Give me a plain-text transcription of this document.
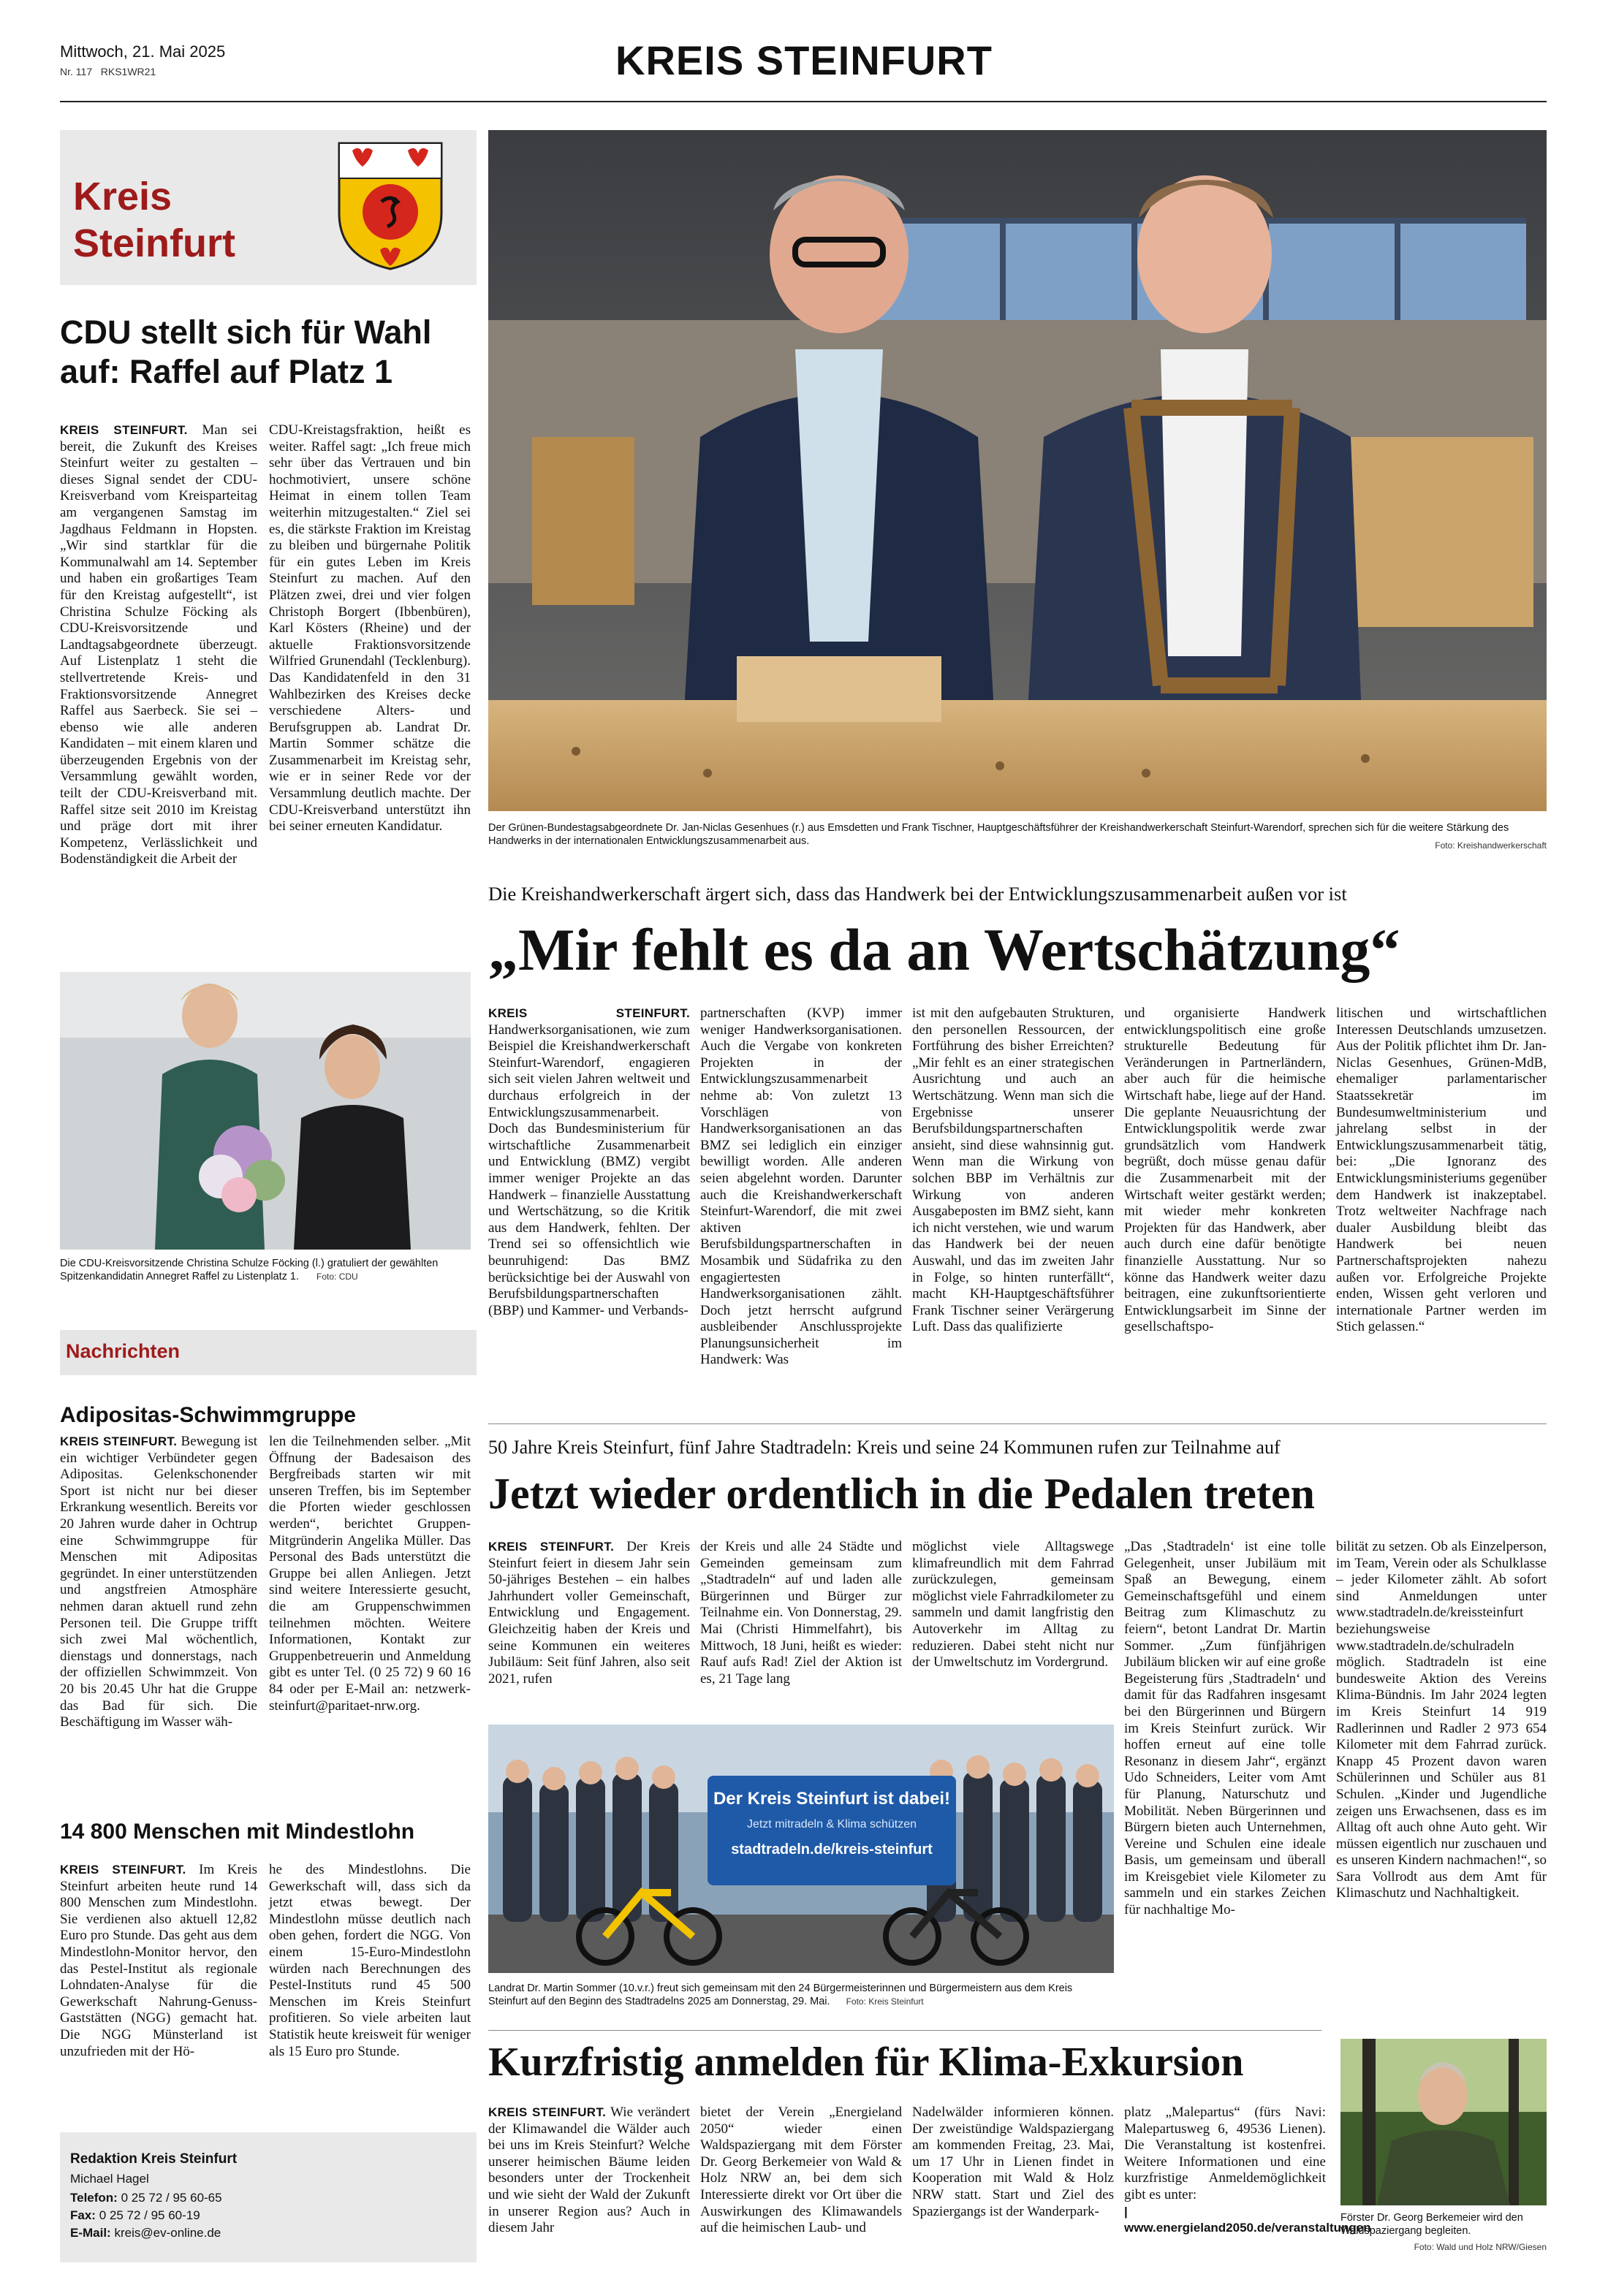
Mittwoch, 21. Mai 2025
Nr. 117   RKS1WR21	KREIS STEINFURT
Kreis
Steinfurt
CDU stellt sich für Wahl auf: Raffel auf Platz 1

KREIS STEINFURT. Man sei bereit, die Zukunft des Kreises Steinfurt weiter zu gestalten – dieses Signal sendet der CDU-Kreisverband vom Kreisparteitag am vergangenen Samstag im Jagdhaus Feldmann in Hopsten. „Wir sind startklar für die Kommunalwahl am 14. September und haben ein großartiges Team für den Kreistag aufgestellt“, ist Christina Schulze Föcking als CDU-Kreisvorsitzende und Landtagsabgeordnete überzeugt. Auf Listenplatz 1 steht die stellvertretende Kreis- und Fraktionsvorsitzende Annegret Raffel aus Saerbeck. Sie sei – ebenso wie alle anderen Kandidaten – mit einem klaren und überzeugenden Ergebnis von der Versammlung gewählt worden, teilt der CDU-Kreisverband mit. Raffel sitze seit 2010 im Kreistag und präge dort mit ihrer Kompetenz, Verlässlichkeit und Bodenständigkeit die Arbeit der

CDU-Kreistagsfraktion, heißt es weiter. Raffel sagt: „Ich freue mich sehr über das Vertrauen und bin hochmotiviert, unsere schöne Heimat in einem tollen Team weiterhin mitzugestalten.“ Ziel sei es, die stärkste Fraktion im Kreistag zu bleiben und bürgernahe Politik für ein gutes Leben im Kreis Steinfurt zu machen. Auf den Plätzen zwei, drei und vier folgen Christoph Borgert (Ibbenbüren), Karl Kösters (Rheine) und der aktuelle Fraktionsvorsitzende Wilfried Grunendahl (Tecklenburg). Das Kandidatenfeld in den 31 Wahlbezirken des Kreises decke verschiedene Alters- und Berufsgruppen ab. Landrat Dr. Martin Sommer schätze die Zusammenarbeit im Kreistag sehr, wie er in seiner Rede vor der Versammlung deutlich machte. Der CDU-Kreisverband unterstützt ihn bei seiner erneuten Kandidatur.

Die CDU-Kreisvorsitzende Christina Schulze Föcking (l.) gratuliert der gewählten Spitzenkandidatin Annegret Raffel zu Listenplatz 1. Foto: CDU
Nachrichten
Adipositas-Schwimmgruppe

KREIS STEINFURT. Bewegung ist ein wichtiger Verbündeter gegen Adipositas. Gelenkschonender Sport ist nicht nur bei dieser Erkrankung wesentlich. Bereits vor 20 Jahren wurde daher in Ochtrup eine Schwimmgruppe für Menschen mit Adipositas gegründet. In einer unterstützenden und angstfreien Atmosphäre nehmen daran aktuell rund zehn Personen teil. Die Gruppe trifft sich zwei Mal wöchentlich, dienstags und donnerstags, nach der offiziellen Schwimmzeit. Von 20 bis 20.45 Uhr hat die Gruppe das Bad für sich. Die Beschäftigung im Wasser wäh-

len die Teilnehmenden selber. „Mit Öffnung der Badesaison des Bergfreibads starten wir mit unseren Treffen, bis im September die Pforten wieder geschlossen werden“, berichtet Gruppen-Mitgründerin Angelika Müller. Das Personal des Bads unterstützt die Gruppe bei allen Anliegen. Jetzt sind weitere Interessierte gesucht, die am Gruppenschwimmen teilnehmen möchten. Weitere Informationen, Kontakt zur Gruppenbetreuerin und Anmeldung gibt es unter Tel. (0 25 72) 9 60 16 84 oder per E-Mail an: netzwerk-steinfurt@paritaet-nrw.org.

14 800 Menschen mit Mindestlohn

KREIS STEINFURT. Im Kreis Steinfurt arbeiten heute rund 14 800 Menschen zum Mindestlohn. Sie verdienen also aktuell 12,82 Euro pro Stunde. Das geht aus dem Mindestlohn-Monitor hervor, den das Pestel-Institut als regionale Lohndaten-Analyse für die Gewerkschaft Nahrung-Genuss-Gaststätten (NGG) gemacht hat. Die NGG Münsterland ist unzufrieden mit der Hö-

he des Mindestlohns. Die Gewerkschaft will, dass sich da jetzt etwas bewegt. Der Mindestlohn müsse deutlich nach oben gehen, fordert die NGG. Von einem 15-Euro-Mindestlohn würden nach Berechnungen des Pestel-Instituts rund 45 500 Menschen im Kreis Steinfurt profitieren. So viele arbeiten laut Statistik heute kreisweit für weniger als 15 Euro pro Stunde.

Redaktion Kreis Steinfurt
Michael Hagel
Telefon: 0 25 72 / 95 60-65
Fax: 0 25 72 / 95 60-19
E-Mail: kreis@ev-online.de
Der Grünen-Bundestagsabgeordnete Dr. Jan-Niclas Gesenhues (r.) aus Emsdetten und Frank Tischner, Hauptgeschäftsführer der Kreishandwerkerschaft Steinfurt-Warendorf, sprechen sich für die weitere Stärkung des Handwerks in der internationalen Entwicklungszusammenarbeit aus.	Foto: Kreishandwerkerschaft
Die Kreishandwerkerschaft ärgert sich, dass das Handwerk bei der Entwicklungszusammenarbeit außen vor ist
„Mir fehlt es da an Wertschätzung“

KREIS STEINFURT. Handwerksorganisationen, wie zum Beispiel die Kreishandwerkerschaft Steinfurt-Warendorf, engagieren sich seit vielen Jahren weltweit und durchaus erfolgreich in der Entwicklungszusammenarbeit. Doch das Bundesministerium für wirtschaftliche Zusammenarbeit und Entwicklung (BMZ) vergibt immer weniger Projekte an das Handwerk – finanzielle Ausstattung und Wertschätzung, so die Kritik aus dem Handwerk, fehlten. Der Trend sei so offensichtlich wie beunruhigend: Das BMZ berücksichtige bei der Auswahl von Berufsbildungspartnerschaften (BBP) und Kammer- und Verbands-

partnerschaften (KVP) immer weniger Handwerksorganisationen. Auch die Vergabe von konkreten Projekten in der Entwicklungszusammenarbeit nehme ab: Von zuletzt 13 Vorschlägen von Handwerksorganisationen an das BMZ sei lediglich ein einziger bewilligt worden. Alle anderen seien abgelehnt worden. Darunter auch die Kreishandwerkerschaft Steinfurt-Warendorf, die mit zwei aktiven Berufsbildungspartnerschaften in Mosambik und Südafrika zu den engagiertesten Handwerksorganisationen zählt. Doch jetzt herrscht aufgrund ausbleibender Anschlussprojekte Planungsunsicherheit im Handwerk: Was

ist mit den aufgebauten Strukturen, den personellen Ressourcen, der Fortführung des bisher Erreichten? „Mir fehlt es an einer strategischen Ausrichtung und auch an Wertschätzung. Wenn man sich die Ergebnisse unserer Berufsbildungspartnerschaften ansieht, sind diese wahnsinnig gut. Wenn man die Wirkung von solchen BBP im Verhältnis zur Wirkung von anderen Ausgabeposten im BMZ sieht, kann ich nicht verstehen, wie und warum das Handwerk bei der neuen Auswahl, und das im zweiten Jahr in Folge, so hinten runterfällt“, macht KH-Hauptgeschäftsführer Frank Tischner seiner Verärgerung Luft. Dass das qualifizierte

und organisierte Handwerk entwicklungspolitisch eine große strukturelle Bedeutung für Veränderungen in Partnerländern, aber auch für die heimische Wirtschaft habe, liege auf der Hand. Die geplante Neuausrichtung der Entwicklungspolitik werde zwar grundsätzlich vom Handwerk begrüßt, doch müsse genau dafür die Zusammenarbeit mit der Wirtschaft weiter gestärkt werden; mit wieder mehr konkreten Projekten für das Handwerk, aber auch durch eine dafür benötigte finanzielle Ausstattung. Nur so könne das Handwerk weiter dazu beitragen, eine zukunftsorientierte Entwicklungsarbeit im Sinne der gesellschaftspo-

litischen und wirtschaftlichen Interessen Deutschlands umzusetzen. Aus der Politik pflichtet ihm Dr. Jan-Niclas Gesenhues, Grünen-MdB, ehemaliger parlamentarischer Staatssekretär im Bundesumweltministerium und jahrelang selbst in der Entwicklungszusammenarbeit tätig, bei: „Die Ignoranz des Entwicklungsministeriums gegenüber dem Handwerk ist inakzeptabel. Trotz weltweiter Nachfrage nach dualer Ausbildung bleibt das Handwerk bei neuen Partnerschaftsprojekten nahezu außen vor. Erfolgreiche Projekte enden, Wissen geht verloren und internationale Partner werden im Stich gelassen.“

50 Jahre Kreis Steinfurt, fünf Jahre Stadtradeln: Kreis und seine 24 Kommunen rufen zur Teilnahme auf
Jetzt wieder ordentlich in die Pedalen treten

KREIS STEINFURT. Der Kreis Steinfurt feiert in diesem Jahr sein 50-jähriges Bestehen – ein halbes Jahrhundert voller Gemeinschaft, Entwicklung und Engagement. Gleichzeitig haben der Kreis und seine Kommunen ein weiteres Jubiläum: Seit fünf Jahren, also seit 2021, rufen

der Kreis und alle 24 Städte und Gemeinden gemeinsam zum „Stadtradeln“ auf und laden alle Bürgerinnen und Bürger zur Teilnahme ein. Von Donnerstag, 29. Mai (Christi Himmelfahrt), bis Mittwoch, 18 Juni, heißt es wieder: Rauf aufs Rad! Ziel der Aktion ist es, 21 Tage lang

möglichst viele Alltagswege klimafreundlich mit dem Fahrrad zurückzulegen, gemeinsam möglichst viele Fahrradkilometer zu sammeln und damit langfristig den Autoverkehr im Alltag zu reduzieren. Dabei steht nicht nur der Umweltschutz im Vordergrund.

„Das ‚Stadtradeln‘ ist eine tolle Gelegenheit, unser Jubiläum mit Spaß an Bewegung, einem Gemeinschaftsgefühl und einem Beitrag zum Klimaschutz zu feiern“, betont Landrat Dr. Martin Sommer. „Zum fünfjährigen Jubiläum blicken wir auf eine große Begeisterung fürs ‚Stadtradeln‘ und damit für das Radfahren insgesamt bei den Bürgerinnen und Bürgern im Kreis Steinfurt zurück. Wir hoffen erneut auf eine tolle Resonanz in diesem Jahr“, ergänzt Udo Schneiders, Leiter vom Amt für Planung, Naturschutz und Mobilität. Neben Bürgerinnen und Bürgern bieten auch Unternehmen, Vereine und Schulen eine ideale Basis, um gemeinsam und überall im Kreisgebiet viele Kilometer zu sammeln und ein starkes Zeichen für nachhaltige Mo-

bilität zu setzen. Ob als Einzelperson, im Team, Verein oder als Schulklasse – jeder Kilometer zählt. Ab sofort sind Anmeldungen unter www.stadtradeln.de/kreissteinfurt beziehungsweise www.stadtradeln.de/schulradeln möglich. Stadtradeln ist eine bundesweite Aktion des Vereins Klima-Bündnis. Im Jahr 2024 legten im Kreis Steinfurt 14 919 Radlerinnen und Radler 2 973 654 Kilometer mit dem Fahrrad zurück. Knapp 45 Prozent davon waren Schülerinnen und Schüler aus 81 Schulen. „Kinder und Jugendliche zeigen uns Erwachsenen, dass es im Alltag oft auch ohne Auto geht. Wir müssen eigentlich nur zuschauen und es unseren Kindern nachmachen!“, so Sara Vollrodt aus dem Amt für Klimaschutz und Nachhaltigkeit.

Der Kreis Steinfurt ist dabei!
Jetzt mitradeln & Klima schützen
stadtradeln.de/kreis-steinfurt
Landrat Dr. Martin Sommer (10.v.r.) freut sich gemeinsam mit den 24 Bürgermeisterinnen und Bürgermeistern aus dem Kreis Steinfurt auf den Beginn des Stadtradelns 2025 am Donnerstag, 29. Mai. Foto: Kreis Steinfurt
Kurzfristig anmelden für Klima-Exkursion

KREIS STEINFURT. Wie verändert der Klimawandel die Wälder auch bei uns im Kreis Steinfurt? Welche unserer heimischen Bäume leiden besonders unter der Trockenheit und wie sieht der Wald der Zukunft in unserer Region aus? Auch in diesem Jahr

bietet der Verein „Energieland 2050“ wieder einen Waldspaziergang mit dem Förster Dr. Georg Berkemeier von Wald & Holz NRW an, bei dem sich Interessierte direkt vor Ort über die Auswirkungen des Klimawandels auf die heimischen Laub- und

Nadelwälder informieren können. Der zweistündige Waldspaziergang am kommenden Freitag, 23. Mai, um 17 Uhr in Lienen findet in Kooperation mit Wald & Holz NRW statt. Start und Ziel des Spaziergangs ist der Wanderpark-

platz „Malepartus“ (fürs Navi: Malepartusweg 6, 49536 Lienen). Die Veranstaltung ist kostenfrei. Weitere Informationen und eine kurzfristige Anmeldemöglichkeit gibt es unter:

| www.energieland2050.de/veranstaltungen

Förster Dr. Georg Berkemeier wird den Waldspaziergang begleiten.
Foto: Wald und Holz NRW/Giesen
